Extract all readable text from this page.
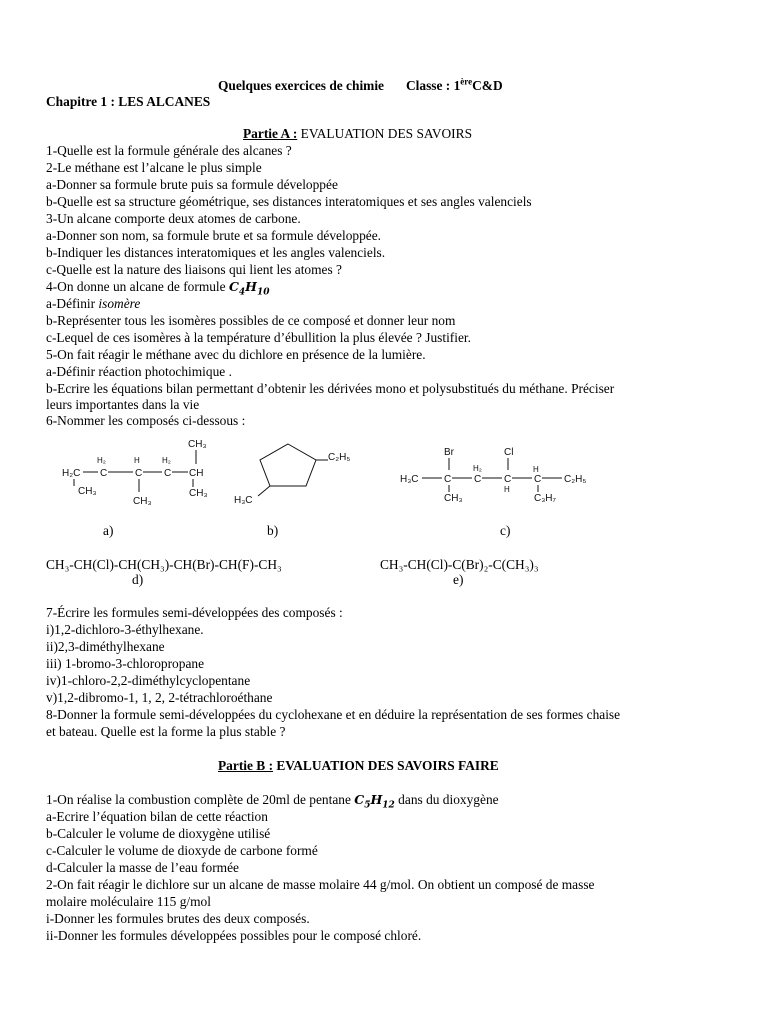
Quelques exercices de chimie Classe : 1èreC&D
Chapitre 1 : LES ALCANES
Partie A : EVALUATION DES SAVOIRS
1-Quelle est la formule générale des alcanes ?
2-Le méthane est l’alcane le plus simple
a-Donner sa formule brute puis sa formule développée
b-Quelle est sa structure géométrique, ses distances interatomiques et ses angles valenciels
3-Un alcane comporte deux atomes de carbone.
a-Donner son nom, sa formule brute et sa formule développée.
b-Indiquer les distances interatomiques et les angles valenciels.
c-Quelle est la nature des liaisons qui lient les atomes ?
4-On donne un alcane de formule $C_4H_{10}$
a-Définir isomère
b-Représenter tous les isomères possibles de ce composé et donner leur nom
c-Lequel de ces isomères à la température d’ébullition la plus élevée ? Justifier.
5-On fait réagir le méthane avec du dichlore en présence de la lumière.
a-Définir réaction photochimique .
b-Ecrire les équations bilan permettant d’obtenir les dérivées mono et polysubstitués du méthane. Préciser
leurs importantes dans la vie
6-Nommer les composés ci-dessous :
CH₃
H₂	H	H₂
H₂C C	C C CH
CH₃
CH₃
CH₃
C₂H₅
H₃C
Br	Cl
H₂	H
H₃C	C C C C C₂H₅
CH₃
H
C₃H₇
a)	b)	c)
CH₃-CH(Cl)-CH(CH₃)-CH(Br)-CH(F)-CH₃	CH₃-CH(Cl)-C(Br)₂-C(CH₃)₃
d)	e)
7-Écrire les formules semi-développées des composés :
i)1,2-dichloro-3-éthylhexane.
ii)2,3-diméthylhexane
iii) 1-bromo-3-chloropropane
iv)1-chloro-2,2-diméthylcyclopentane
v)1,2-dibromo-1, 1, 2, 2-tétrachloroéthane
8-Donner la formule semi-développées du cyclohexane et en déduire la représentation de ses formes chaise
et bateau. Quelle est la forme la plus stable ?
Partie B : EVALUATION DES SAVOIRS FAIRE
1-On réalise la combustion complète de 20ml de pentane $C_5H_{12}$ dans du dioxygène
a-Ecrire l’équation bilan de cette réaction
b-Calculer le volume de dioxygène utilisé
c-Calculer le volume de dioxyde de carbone formé
d-Calculer la masse de l’eau formée
2-On fait réagir le dichlore sur un alcane de masse molaire 44 g/mol. On obtient un composé de masse
molaire moléculaire 115 g/mol
i-Donner les formules brutes des deux composés.
ii-Donner les formules développées possibles pour le composé chloré.
